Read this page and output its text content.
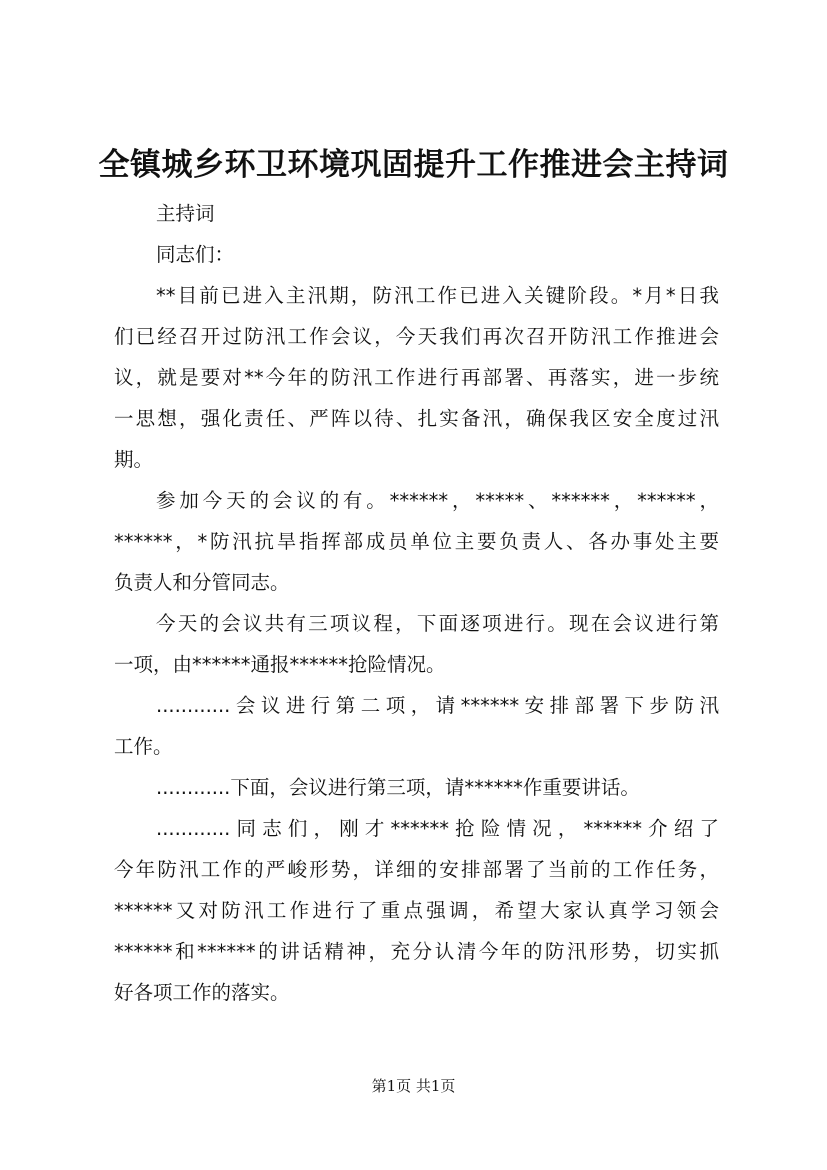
全镇城乡环卫环境巩固提升工作推进会主持词
主持词
同志们：
**目前已进入主汛期，防汛工作已进入关键阶段。*月*日我
们已经召开过防汛工作会议，今天我们再次召开防汛工作推进会
议，就是要对**今年的防汛工作进行再部署、再落实，进一步统
一思想，强化责任、严阵以待、扎实备汛，确保我区安全度过汛
期。
参加今天的会议的有。******，*****、******，******，
******，*防汛抗旱指挥部成员单位主要负责人、各办事处主要
负责人和分管同志。
今天的会议共有三项议程，下面逐项进行。现在会议进行第
一项，由******通报******抢险情况。
............会议进行第二项，请******安排部署下步防汛
工作。
............下面，会议进行第三项，请******作重要讲话。
............同志们，刚才******抢险情况，******介绍了
今年防汛工作的严峻形势，详细的安排部署了当前的工作任务，
******又对防汛工作进行了重点强调，希望大家认真学习领会
******和******的讲话精神，充分认清今年的防汛形势，切实抓
好各项工作的落实。
第1页 共1页
